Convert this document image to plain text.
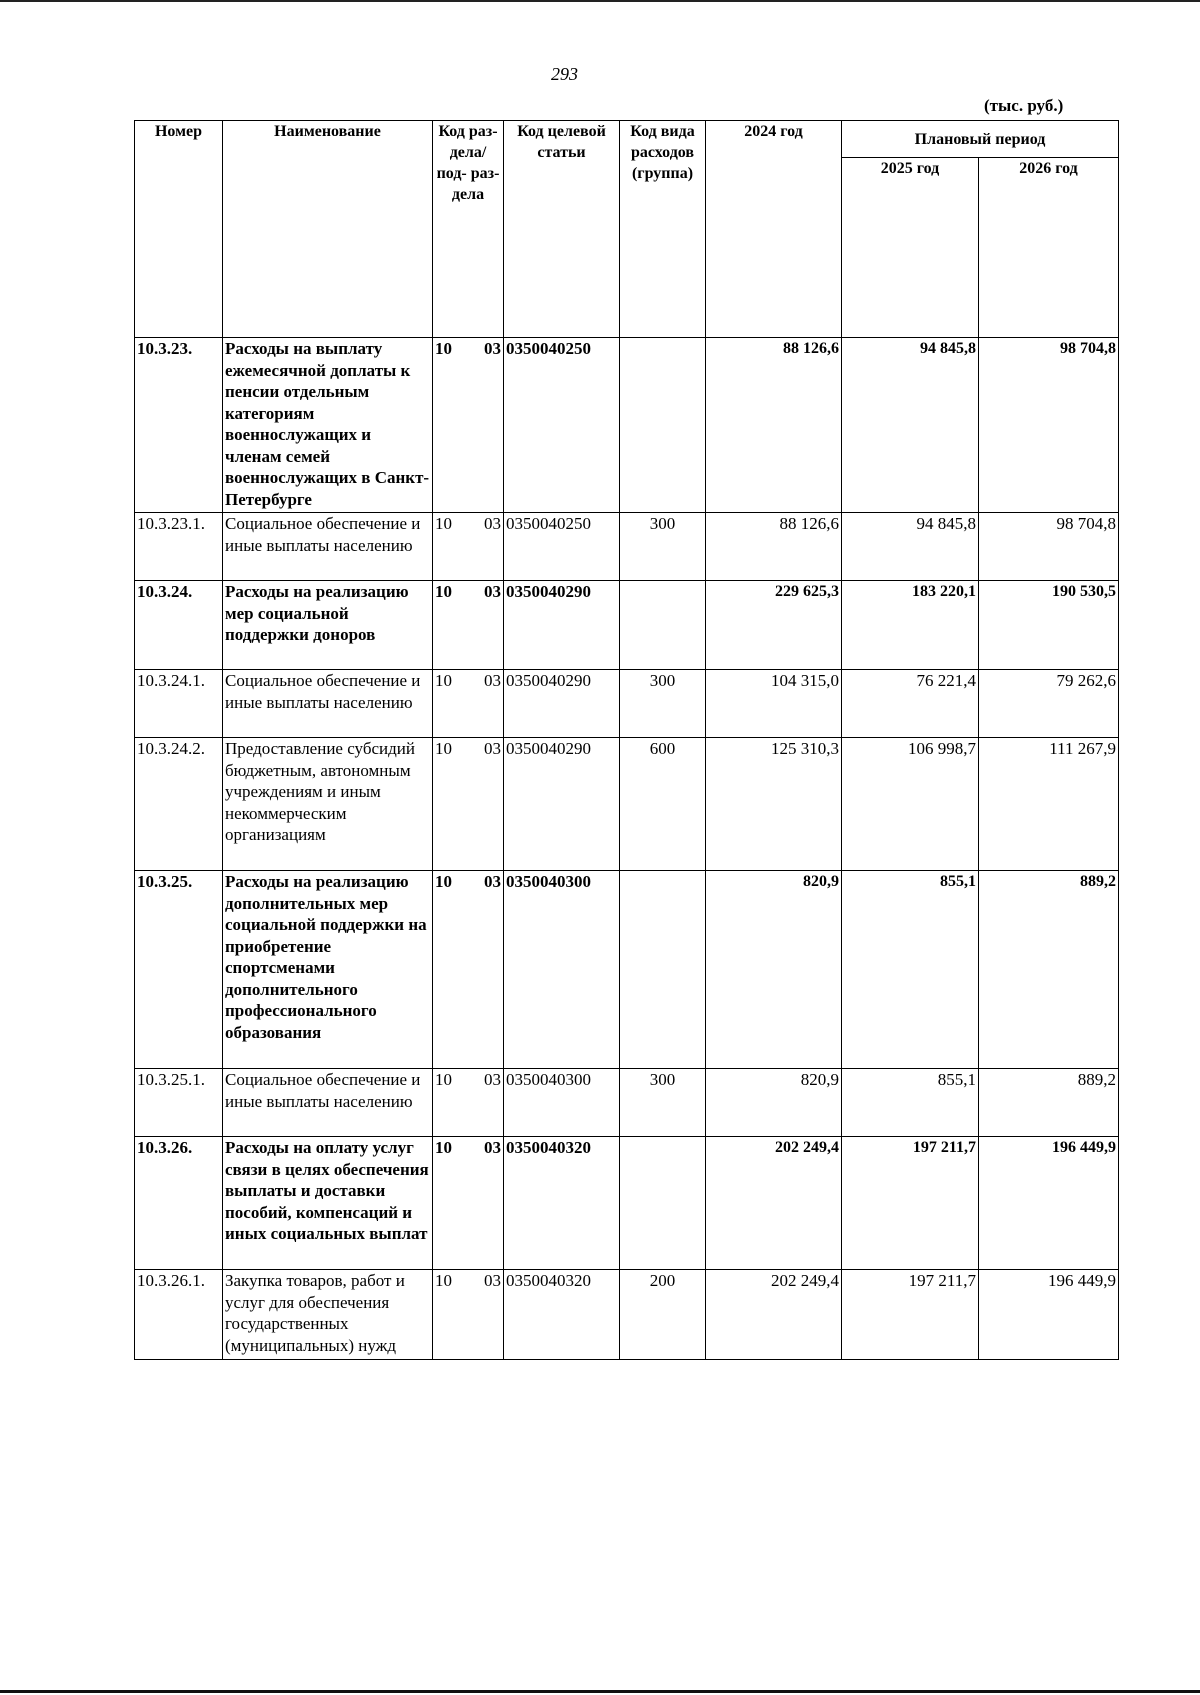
293
(тыс. руб.)
Номер	Наименование	Код раз- дела/ под- раз- дела	Код целевой статьи	Код вида расходов (группа)	2024 год	Плановый период	
						2025 год	2026 год
10.3.23.	Расходы на выплату ежемесячной доплаты к пенсии отдельным категориям военнослужащих и членам семей военнослужащих в Санкт-Петербурге	10 03	0350040250		88 126,6	94 845,8	98 704,8
10.3.23.1.	Социальное обеспечение и иные выплаты населению	10 03	0350040250	300	88 126,6	94 845,8	98 704,8
10.3.24.	Расходы на реализацию мер социальной поддержки доноров	10 03	0350040290		229 625,3	183 220,1	190 530,5
10.3.24.1.	Социальное обеспечение и иные выплаты населению	10 03	0350040290	300	104 315,0	76 221,4	79 262,6
10.3.24.2.	Предоставление субсидий бюджетным, автономным учреждениям и иным некоммерческим организациям	10 03	0350040290	600	125 310,3	106 998,7	111 267,9
10.3.25.	Расходы на реализацию дополнительных мер социальной поддержки на приобретение спортсменами дополнительного профессионального образования	10 03	0350040300		820,9	855,1	889,2
10.3.25.1.	Социальное обеспечение и иные выплаты населению	10 03	0350040300	300	820,9	855,1	889,2
10.3.26.	Расходы на оплату услуг связи в целях обеспечения выплаты и доставки пособий, компенсаций и иных социальных выплат	10 03	0350040320		202 249,4	197 211,7	196 449,9
10.3.26.1.	Закупка товаров, работ и услуг для обеспечения государственных (муниципальных) нужд	10 03	0350040320	200	202 249,4	197 211,7	196 449,9
